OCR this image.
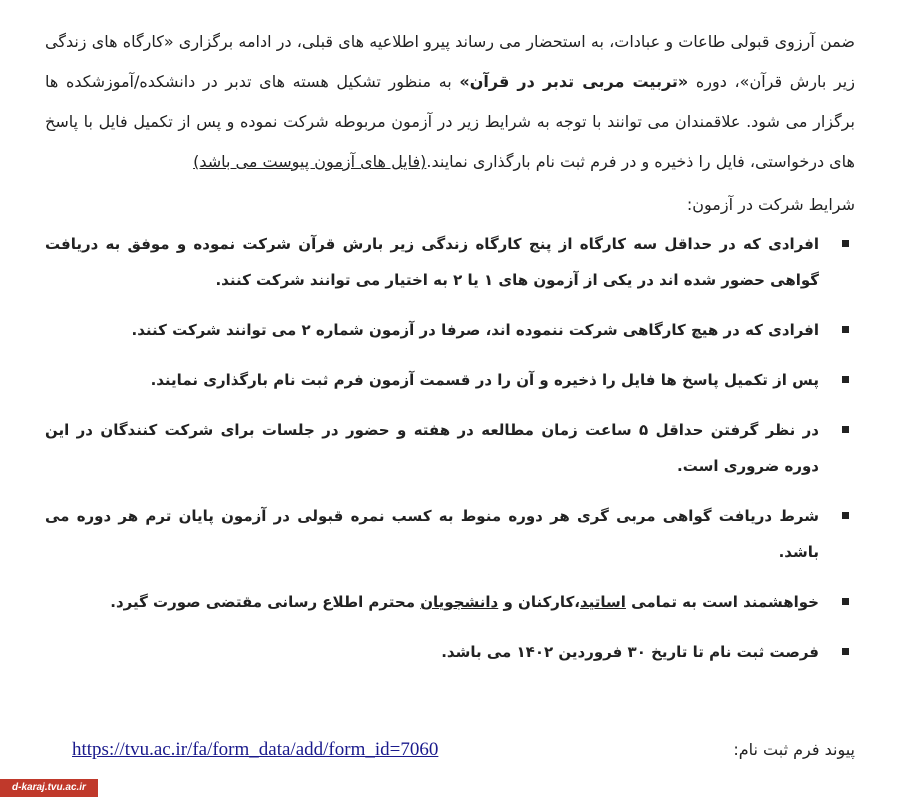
ضمن آرزوی قبولی طاعات و عبادات، به استحضار می رساند پیرو اطلاعیه های قبلی، در ادامه برگزاری «کارگاه های زندگی زیر بارش قرآن»، دوره «تربیت مربی تدبر در قرآن» به منظور تشکیل هسته های تدبر در دانشکده/آموزشکده ها برگزار می شود. علاقمندان می توانند با توجه به شرایط زیر در آزمون مربوطه شرکت نموده و پس از تکمیل فایل با پاسخ های درخواستی، فایل را ذخیره و در فرم ثبت نام بارگذاری نمایند.(فایل های آزمون پیوست می باشد)

شرایط شرکت در آزمون:
افرادی که در حداقل سه کارگاه از پنج کارگاه زندگی زیر بارش قرآن شرکت نموده و موفق به دریافت گواهی حضور شده اند در یکی از آزمون های ۱ یا ۲ به اختیار می توانند شرکت کنند.
افرادی که در هیچ کارگاهی شرکت ننموده اند، صرفا در آزمون شماره ۲ می توانند شرکت کنند.
پس از تکمیل پاسخ ها فایل را ذخیره و آن را در قسمت آزمون فرم ثبت نام بارگذاری نمایند.
در نظر گرفتن حداقل ۵ ساعت زمان مطالعه در هفته و حضور در جلسات برای شرکت کنندگان در این دوره ضروری است.
شرط دریافت گواهی مربی گری هر دوره منوط به کسب نمره قبولی در آزمون پایان ترم هر دوره می باشد.
خواهشمند است به تمامی اساتید،کارکنان و دانشجویان محترم اطلاع رسانی مقتضی صورت گیرد.
فرصت ثبت نام تا تاریخ ۳۰ فروردین ۱۴۰۲ می باشد.
پیوند فرم ثبت نام:
https://tvu.ac.ir/fa/form_data/add/form_id=7060
d-karaj.tvu.ac.ir
